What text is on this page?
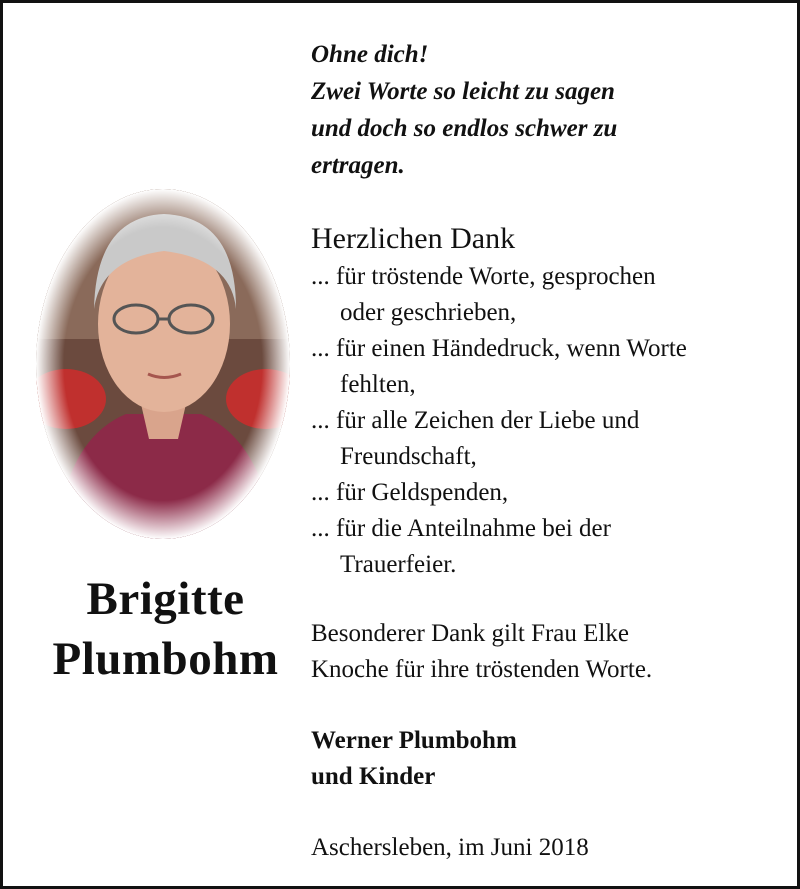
Brigitte
Plumbohm
Ohne dich!
Zwei Worte so leicht zu sagen
und doch so endlos schwer zu
ertragen.
Herzlichen Dank
... für tröstende Worte, gesprochen
oder geschrieben,
... für einen Händedruck, wenn Worte
fehlten,
... für alle Zeichen der Liebe und
Freundschaft,
... für Geldspenden,
... für die Anteilnahme bei der
Trauerfeier.
Besonderer Dank gilt Frau Elke
Knoche für ihre tröstenden Worte.
Werner Plumbohm
und Kinder
Aschersleben, im Juni 2018
